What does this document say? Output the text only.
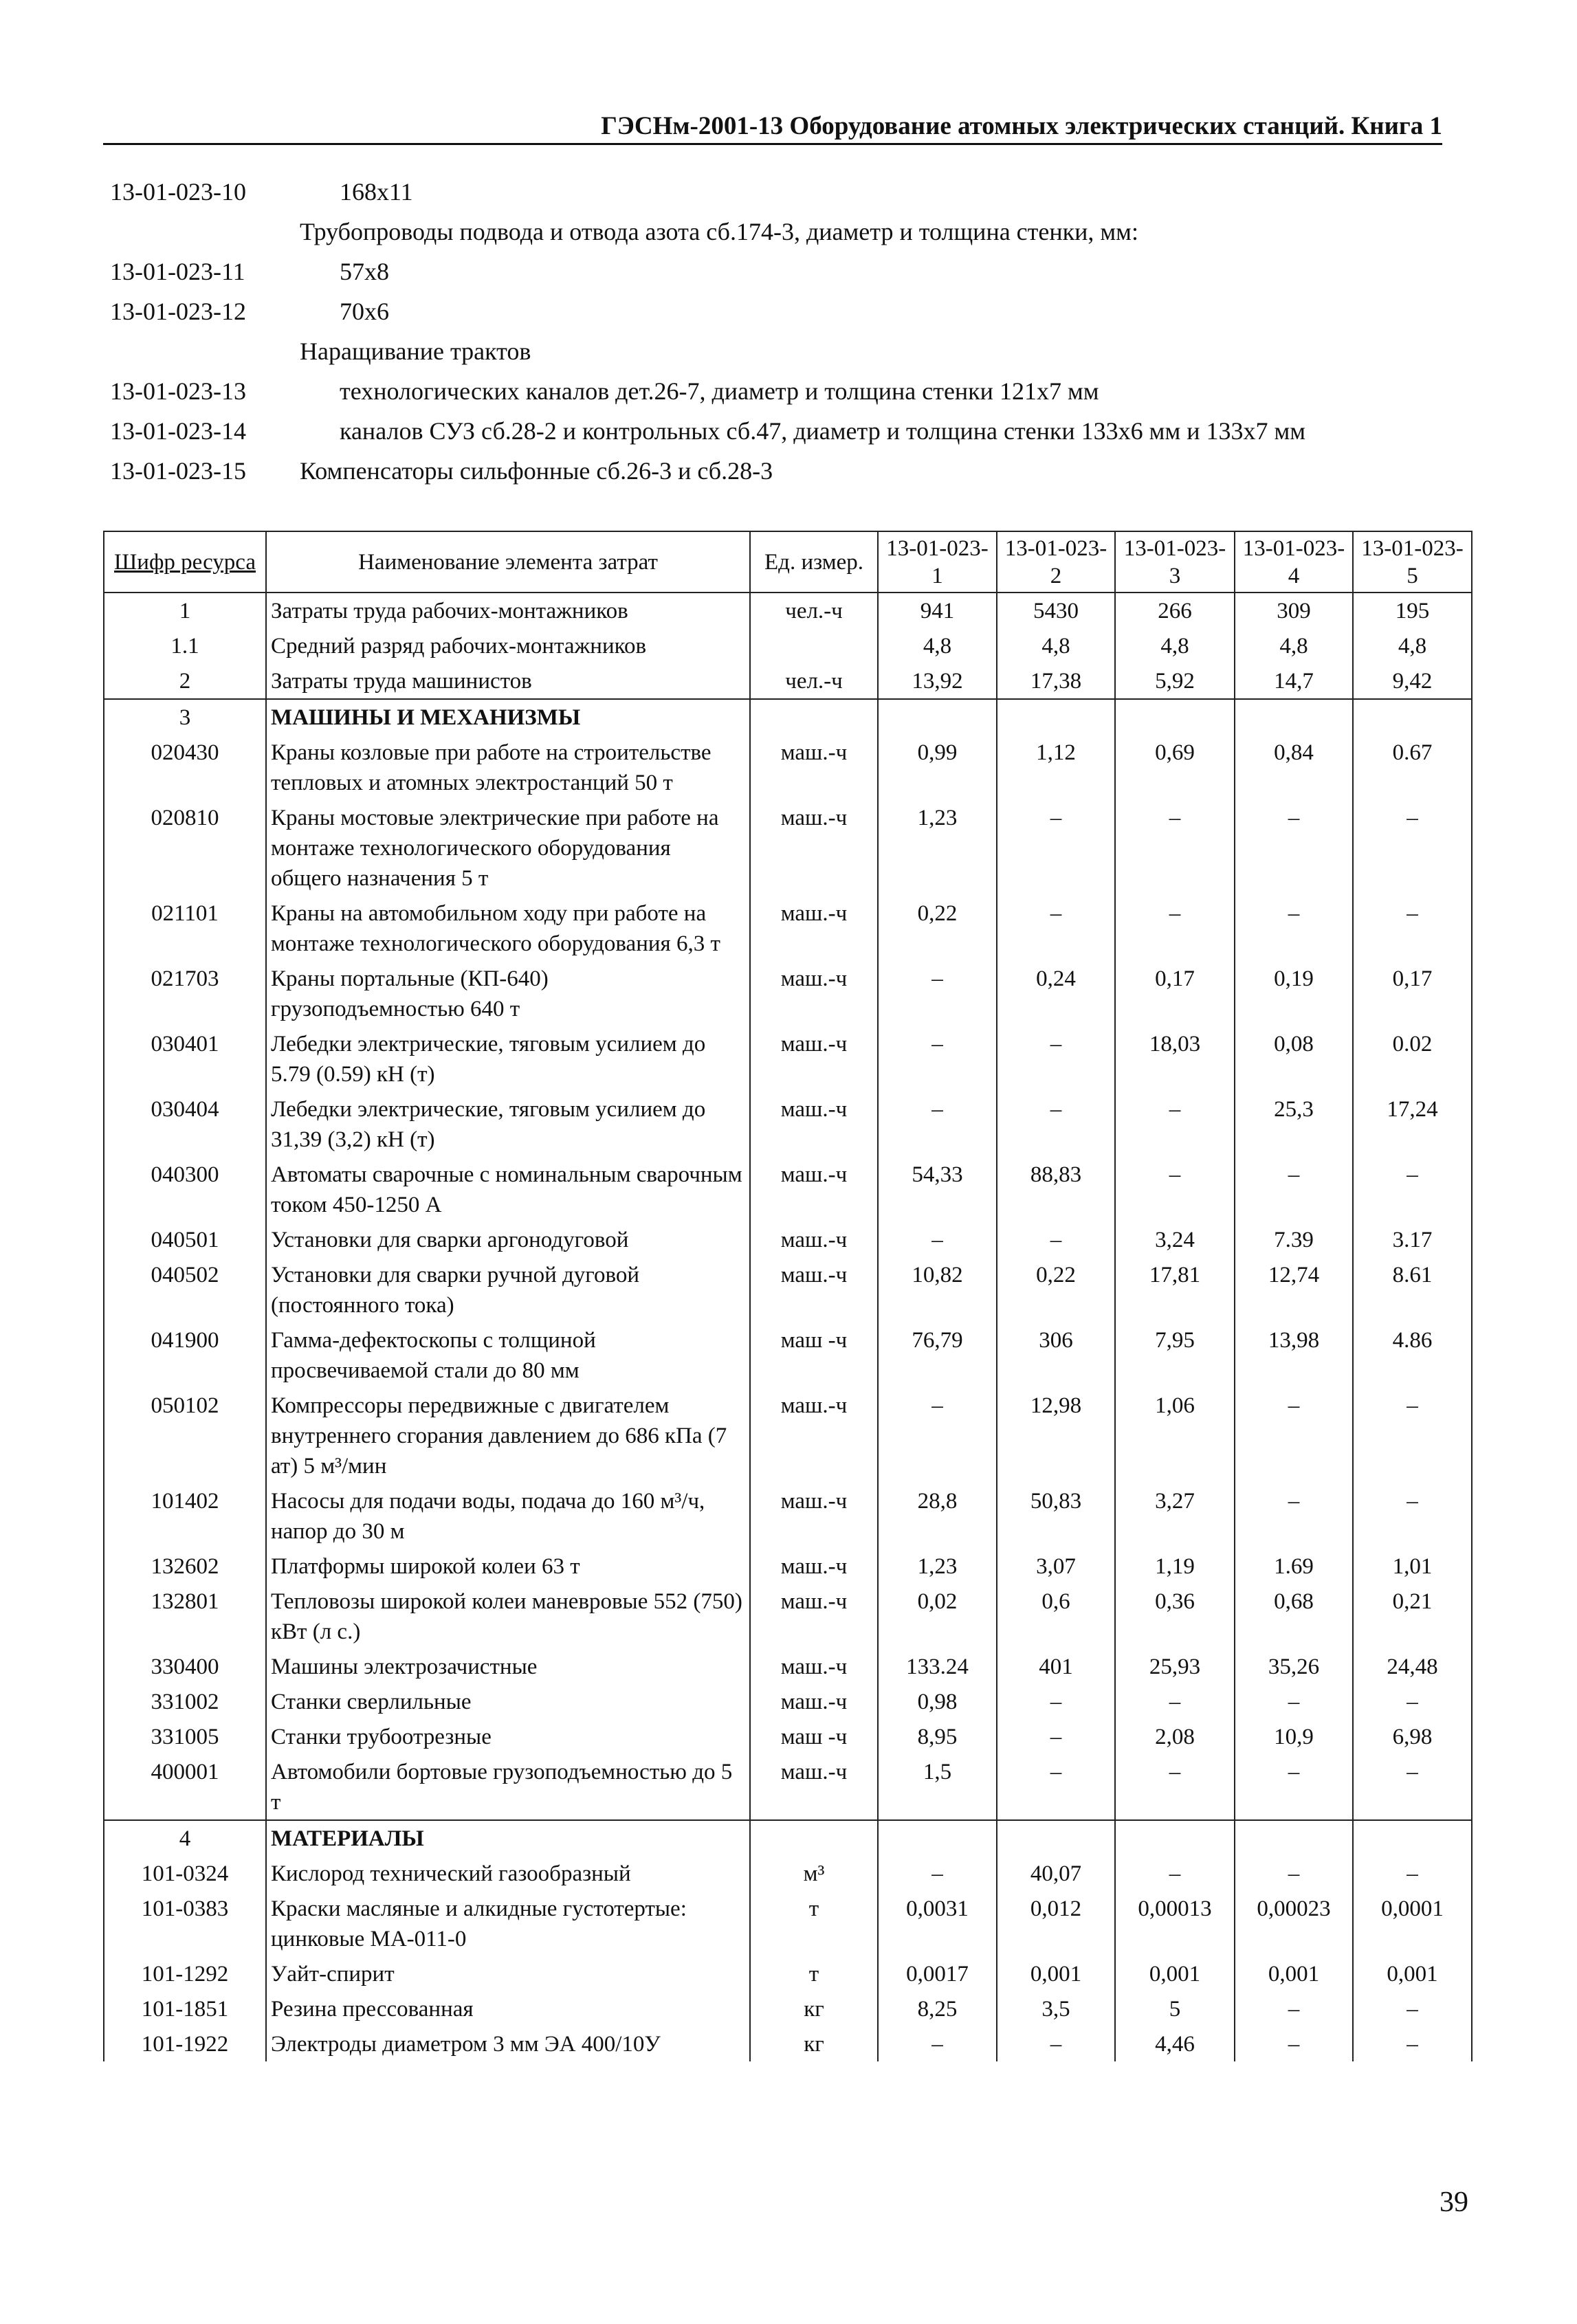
ГЭСНм-2001-13 Оборудование атомных электрических станций. Книга 1
13-01-023-10	168х11
Трубопроводы подвода и отвода азота сб.174-3, диаметр и толщина стенки, мм:
13-01-023-11	57х8
13-01-023-12	70х6
Наращивание трактов
13-01-023-13	технологических каналов дет.26-7, диаметр и толщина стенки 121х7 мм
13-01-023-14	каналов СУЗ сб.28-2 и контрольных сб.47, диаметр и толщина стенки 133х6 мм и 133х7 мм
13-01-023-15 Компенсаторы сильфонные сб.26-3 и сб.28-3
Шифр ресурса	Наименование элемента затрат	Ед. измер.	13-01-023-1	13-01-023-2	13-01-023-3	13-01-023-4	13-01-023-5
1	Затраты труда рабочих-монтажников	чел.-ч	941	5430	266	309	195
1.1	Средний разряд рабочих-монтажников		4,8	4,8	4,8	4,8	4,8
2	Затраты труда машинистов	чел.-ч	13,92	17,38	5,92	14,7	9,42
3	МАШИНЫ И МЕХАНИЗМЫ						
020430	Краны козловые при работе на строительстве тепловых и атомных электростанций 50 т	маш.-ч	0,99	1,12	0,69	0,84	0.67
020810	Краны мостовые электрические при работе на монтаже технологического оборудования общего назначения 5 т	маш.-ч	1,23	–	–	–	–
021101	Краны на автомобильном ходу при работе на монтаже технологического оборудования 6,3 т	маш.-ч	0,22	–	–	–	–
021703	Краны портальные (КП-640) грузоподъемностью 640 т	маш.-ч	–	0,24	0,17	0,19	0,17
030401	Лебедки электрические, тяговым усилием до 5.79 (0.59) кН (т)	маш.-ч	–	–	18,03	0,08	0.02
030404	Лебедки электрические, тяговым усилием до 31,39 (3,2) кН (т)	маш.-ч	–	–	–	25,3	17,24
040300	Автоматы сварочные с номинальным сварочным током 450-1250 А	маш.-ч	54,33	88,83	–	–	–
040501	Установки для сварки аргонодуговой	маш.-ч	–	–	3,24	7.39	3.17
040502	Установки для сварки ручной дуговой (постоянного тока)	маш.-ч	10,82	0,22	17,81	12,74	8.61
041900	Гамма-дефектоскопы с толщиной просвечиваемой стали до 80 мм	маш -ч	76,79	306	7,95	13,98	4.86
050102	Компрессоры передвижные с двигателем внутреннего сгорания давлением до 686 кПа (7 ат) 5 м³/мин	маш.-ч	–	12,98	1,06	–	–
101402	Насосы для подачи воды, подача до 160 м³/ч, напор до 30 м	маш.-ч	28,8	50,83	3,27	–	–
132602	Платформы широкой колеи 63 т	маш.-ч	1,23	3,07	1,19	1.69	1,01
132801	Тепловозы широкой колеи маневровые 552 (750) кВт (л с.)	маш.-ч	0,02	0,6	0,36	0,68	0,21
330400	Машины электрозачистные	маш.-ч	133.24	401	25,93	35,26	24,48
331002	Станки сверлильные	маш.-ч	0,98	–	–	–	–
331005	Станки трубоотрезные	маш -ч	8,95	–	2,08	10,9	6,98
400001	Автомобили бортовые грузоподъемностью до 5 т	маш.-ч	1,5	–	–	–	–
4	МАТЕРИАЛЫ						
101-0324	Кислород технический газообразный	м³	–	40,07	–	–	–
101-0383	Краски масляные и алкидные густотертые: цинковые МА-011-0	т	0,0031	0,012	0,00013	0,00023	0,0001
101-1292	Уайт-спирит	т	0,0017	0,001	0,001	0,001	0,001
101-1851	Резина прессованная	кг	8,25	3,5	5	–	–
101-1922	Электроды диаметром 3 мм ЭА 400/10У	кг	–	–	4,46	–	–
39
